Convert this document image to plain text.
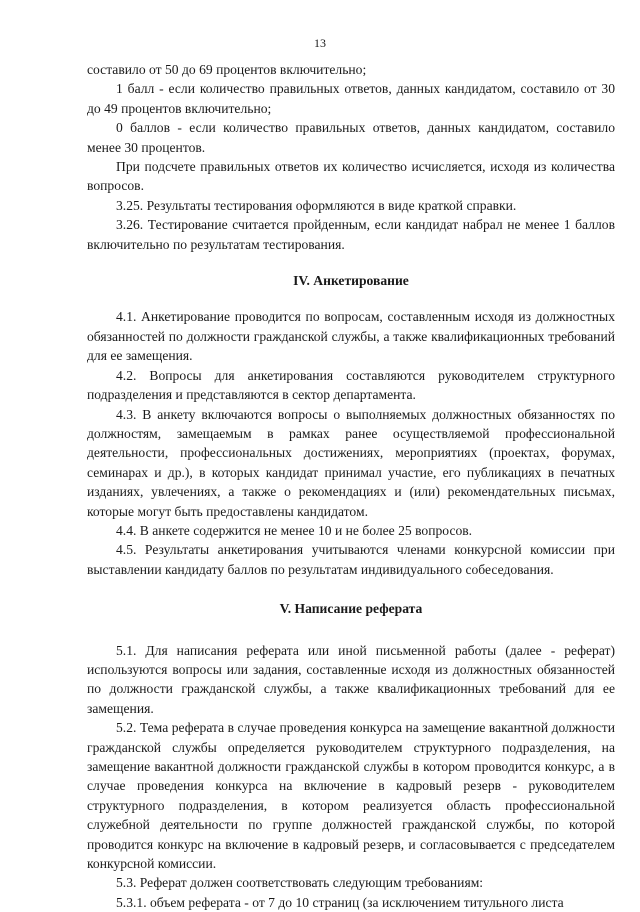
13

составило от 50 до 69 процентов включительно;

1 балл - если количество правильных ответов, данных кандидатом, составило от 30 до 49 процентов включительно;

0 баллов - если количество правильных ответов, данных кандидатом, составило менее 30 процентов.

При подсчете правильных ответов их количество исчисляется, исходя из количества вопросов.

3.25. Результаты тестирования оформляются в виде краткой справки.

3.26. Тестирование считается пройденным, если кандидат набрал не менее 1 баллов включительно по результатам тестирования.

IV. Анкетирование

4.1. Анкетирование проводится по вопросам, составленным исходя из должностных обязанностей по должности гражданской службы, а также квалификационных требований для ее замещения.

4.2. Вопросы для анкетирования составляются руководителем структурного подразделения и представляются в сектор департамента.

4.3. В анкету включаются вопросы о выполняемых должностных обязанностях по должностям, замещаемым в рамках ранее осуществляемой профессиональной деятельности, профессиональных достижениях, мероприятиях (проектах, форумах, семинарах и др.), в которых кандидат принимал участие, его публикациях в печатных изданиях, увлечениях, а также о рекомендациях и (или) рекомендательных письмах, которые могут быть предоставлены кандидатом.

4.4. В анкете содержится не менее 10 и не более 25 вопросов.

4.5. Результаты анкетирования учитываются членами конкурсной комиссии при выставлении кандидату баллов по результатам индивидуального собеседования.

V. Написание реферата

5.1. Для написания реферата или иной письменной работы (далее - реферат) используются вопросы или задания, составленные исходя из должностных обязанностей по должности гражданской службы, а также квалификационных требований для ее замещения.

5.2. Тема реферата в случае проведения конкурса на замещение вакантной должности гражданской службы определяется руководителем структурного подразделения, на замещение вакантной должности гражданской службы в котором проводится конкурс, а в случае проведения конкурса на включение в кадровый резерв - руководителем структурного подразделения, в котором реализуется область профессиональной служебной деятельности по группе должностей гражданской службы, по которой проводится конкурс на включение в кадровый резерв, и согласовывается с председателем конкурсной комиссии.

5.3. Реферат должен соответствовать следующим требованиям:

5.3.1. объем реферата - от 7 до 10 страниц (за исключением титульного листа
